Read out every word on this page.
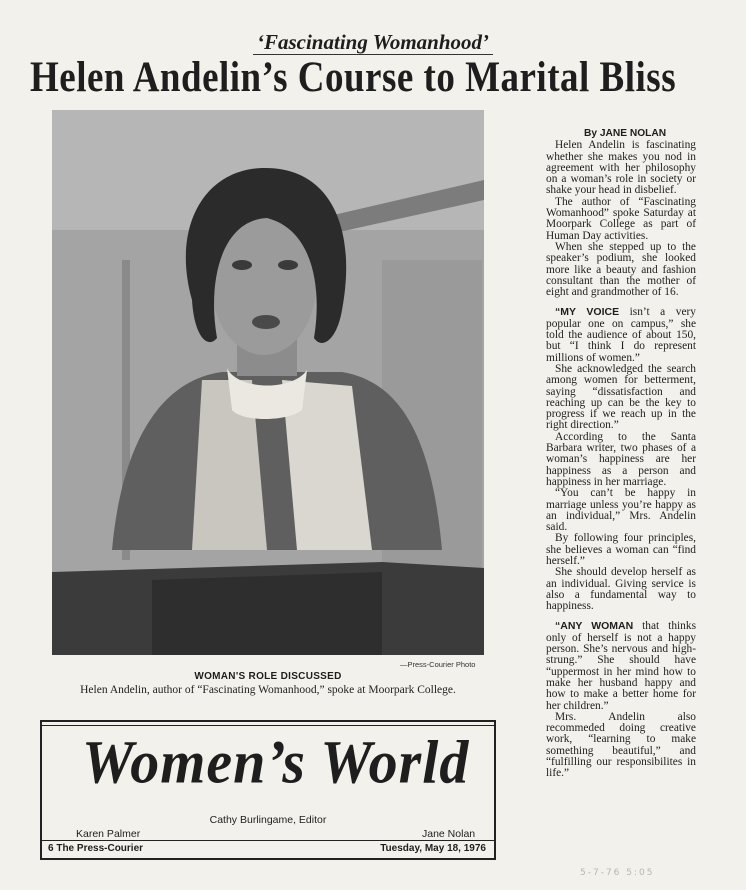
‘Fascinating Womanhood’
Helen Andelin’s Course to Marital Bliss
—Press-Courier Photo
WOMAN'S ROLE DISCUSSED
Helen Andelin, author of “Fascinating Womanhood,” spoke at Moorpark College.
By JANE NOLAN

Helen Andelin is fascinating whether she makes you nod in agreement with her philosophy on a woman’s role in society or shake your head in disbelief.

The author of “Fascinating Womanhood” spoke Saturday at Moorpark College as part of Human Day activities.

When she stepped up to the speaker’s podium, she looked more like a beauty and fashion consultant than the mother of eight and grandmother of 16.

“MY VOICE isn’t a very popular one on campus,” she told the audience of about 150, but “I think I do represent millions of women.”

She acknowledged the search among women for betterment, saying “dissatisfaction and reaching up can be the key to progress if we reach up in the right direction.”

According to the Santa Barbara writer, two phases of a woman’s happiness are her happiness as a person and happiness in her marriage.

“You can’t be happy in marriage unless you’re happy as an individual,” Mrs. Andelin said.

By following four principles, she believes a woman can “find herself.”

She should develop herself as an individual. Giving service is also a fundamental way to happiness.

“ANY WOMAN that thinks only of herself is not a happy person. She’s nervous and high-strung.” She should have “uppermost in her mind how to make her husband happy and how to make a better home for her children.”

Mrs. Andelin also recommeded doing creative work, “learning to make something beautiful,” and “fulfilling our responsibilites in life.”

Women’s World
Cathy Burlingame, Editor
Karen Palmer	Jane Nolan
6 The Press-Courier	Tuesday, May 18, 1976
5-7-76 5:05
